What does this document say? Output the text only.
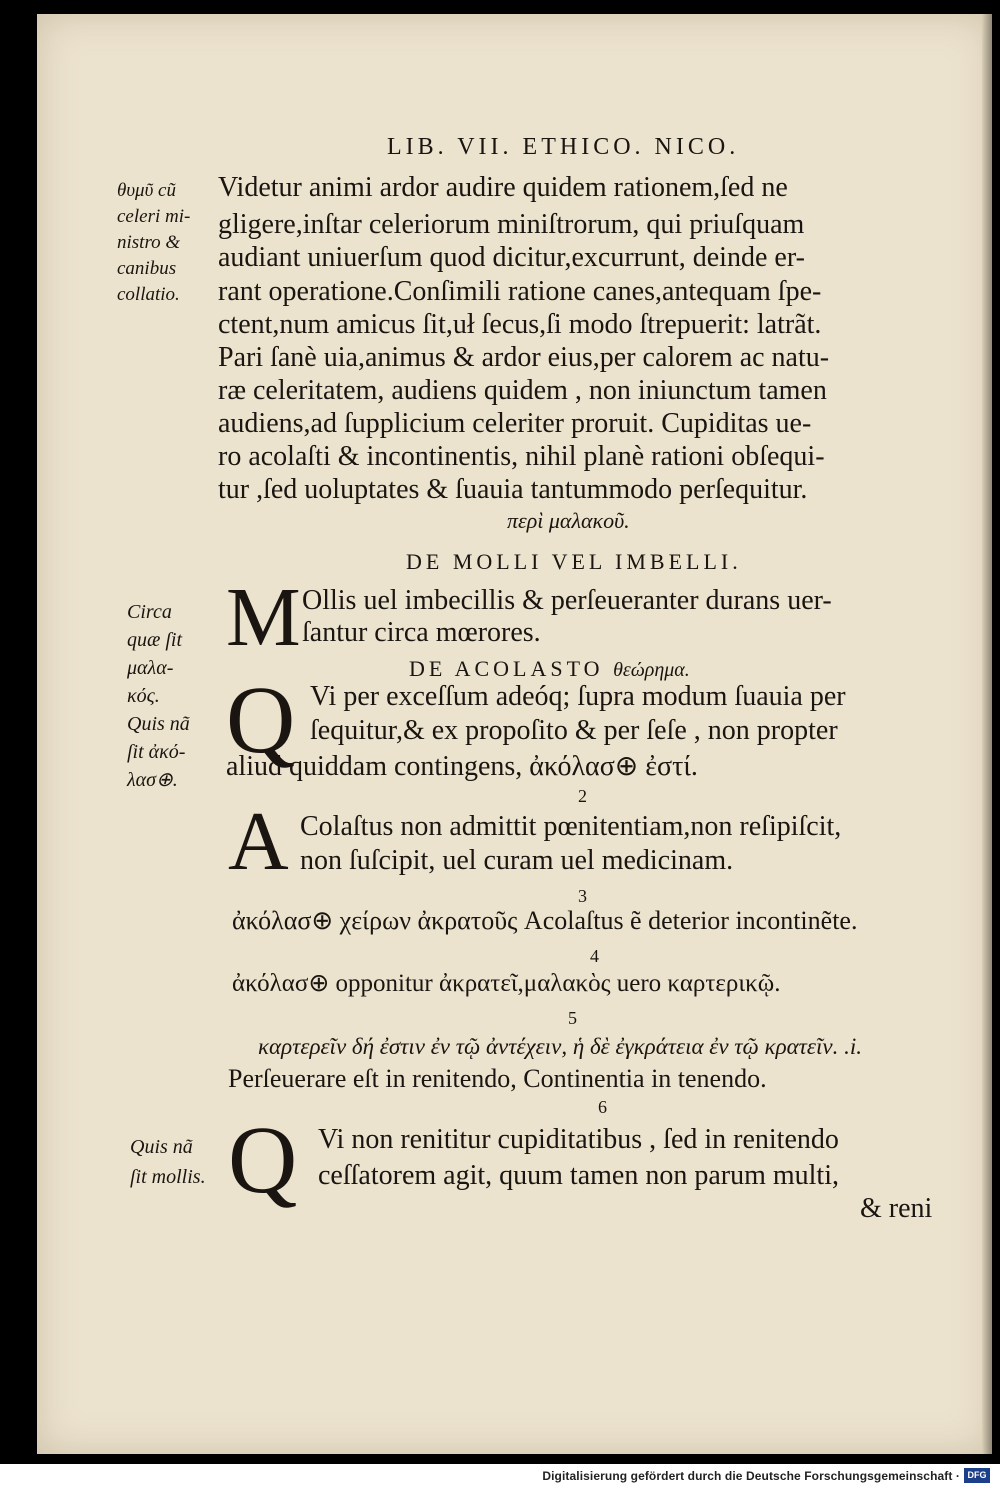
LIB. VII. ETHICO. NICO.
θυμῦ cũ
celeri mi-
nistro &
canibus
collatio.
Videtur animi ardor audire quidem rationem,ſed ne
gligere,inſtar celeriorum miniſtrorum, qui priuſquam
audiant uniuerſum quod dicitur,excurrunt, deinde er-
rant operatione.Conſimili ratione canes,antequam ſpe-
ctent,num amicus ſit,uł ſecus,ſi modo ſtrepuerit: latrãt.
Pari ſanè uia,animus & ardor eius,per calorem ac natu-
ræ celeritatem, audiens quidem , non iniunctum tamen
audiens,ad ſupplicium celeriter proruit. Cupiditas ue-
ro acolaſti & incontinentis, nihil planè rationi obſequi-
tur ,ſed uoluptates & ſuauia tantummodo perſequitur.
περὶ μαλακοῦ.
DE MOLLI VEL IMBELLI.
Circa
quæ ſit
μαλα-
κός.
Quis nã
ſit ἀκό-
λασ⊕.
M Ollis uel imbecillis & perſeueranter durans uer-
ſantur circa mœrores.
DE ACOLASTO θεώρημα.
Q Vi per exceſſum adeóq; ſupra modum ſuauia per
ſequitur,& ex propoſito & per ſeſe , non propter
aliud quiddam contingens, ἀκόλασ⊕ ἐστί.
2
A Colaſtus non admittit pœnitentiam,non reſipiſcit,
non ſuſcipit, uel curam uel medicinam.
3
ἀκόλασ⊕ χείρων ἀκρατοῦς Acolaſtus ẽ deterior incontinẽte.
4
ἀκόλασ⊕ opponitur ἀκρατεῖ,μαλακὸς uero καρτερικῷ.
5
καρτερεῖν δή ἐστιν ἐν τῷ ἀντέχειν, ἡ δὲ ἐγκράτεια ἐν τῷ κρατεῖν. .i.
Perſeuerare eſt in renitendo, Continentia in tenendo.
6
Quis nã
ſit mollis. Q Vi non renititur cupiditatibus , ſed in renitendo
ceſſatorem agit, quum tamen non parum multi,
& reni
Digitalisierung gefördert durch die Deutsche Forschungsgemeinschaft · DFG
